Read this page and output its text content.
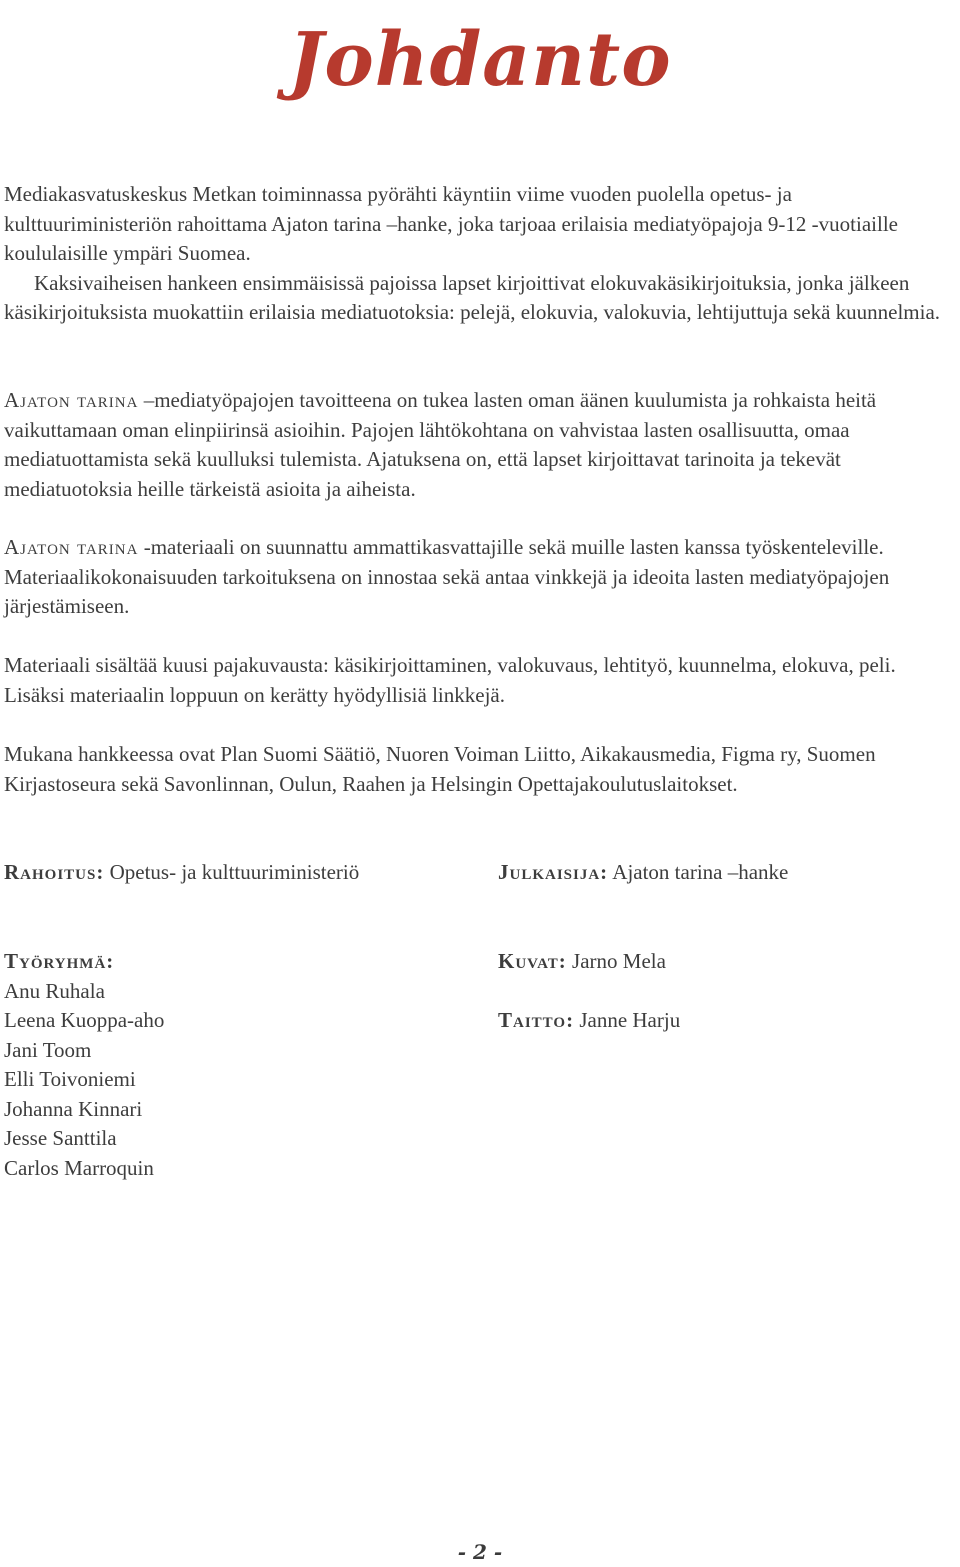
Johdanto

Mediakasvatuskeskus Metkan toiminnassa pyörähti käyntiin viime vuoden puolella opetus- ja kulttuuriministeriön rahoittama Ajaton tarina –hanke, joka tarjoaa erilaisia mediatyöpajoja 9-12 -vuotiaille koululaisille ympäri Suomea.

Kaksivaiheisen hankeen ensimmäisissä pajoissa lapset kirjoittivat elokuvakäsikirjoituksia, jonka jälkeen käsikirjoituksista muokattiin erilaisia mediatuotoksia: pelejä, elokuvia, valokuvia, lehtijuttuja sekä kuunnelmia.

Ajaton tarina –mediatyöpajojen tavoitteena on tukea lasten oman äänen kuulumista ja rohkaista heitä vaikuttamaan oman elinpiirinsä asioihin. Pajojen lähtökohtana on vahvistaa lasten osallisuutta, omaa mediatuottamista sekä kuulluksi tulemista. Ajatuksena on, että lapset kirjoittavat tarinoita ja tekevät mediatuotoksia heille tärkeistä asioita ja aiheista.

Ajaton tarina -materiaali on suunnattu ammattikasvattajille sekä muille lasten kanssa työskenteleville. Materiaalikokonaisuuden tarkoituksena on innostaa sekä antaa vinkkejä ja ideoita lasten mediatyöpajojen järjestämiseen.

Materiaali sisältää kuusi pajakuvausta: käsikirjoittaminen, valokuvaus, lehtityö, kuunnelma, elokuva, peli. Lisäksi materiaalin loppuun on kerätty hyödyllisiä linkkejä.

Mukana hankkeessa ovat Plan Suomi Säätiö, Nuoren Voiman Liitto, Aikakausmedia, Figma ry, Suomen Kirjastoseura sekä Savonlinnan, Oulun, Raahen ja Helsingin Opettajakoulutuslaitokset.

Rahoitus: Opetus- ja kulttuuriministeriö	Julkaisija: Ajaton tarina –hanke
Työryhmä:
Anu Ruhala
Leena Kuoppa-aho
Jani Toom
Elli Toivoniemi
Johanna Kinnari
Jesse Santtila
Carlos Marroquin
Kuvat: Jarno Mela
Taitto: Janne Harju
- 2 -
